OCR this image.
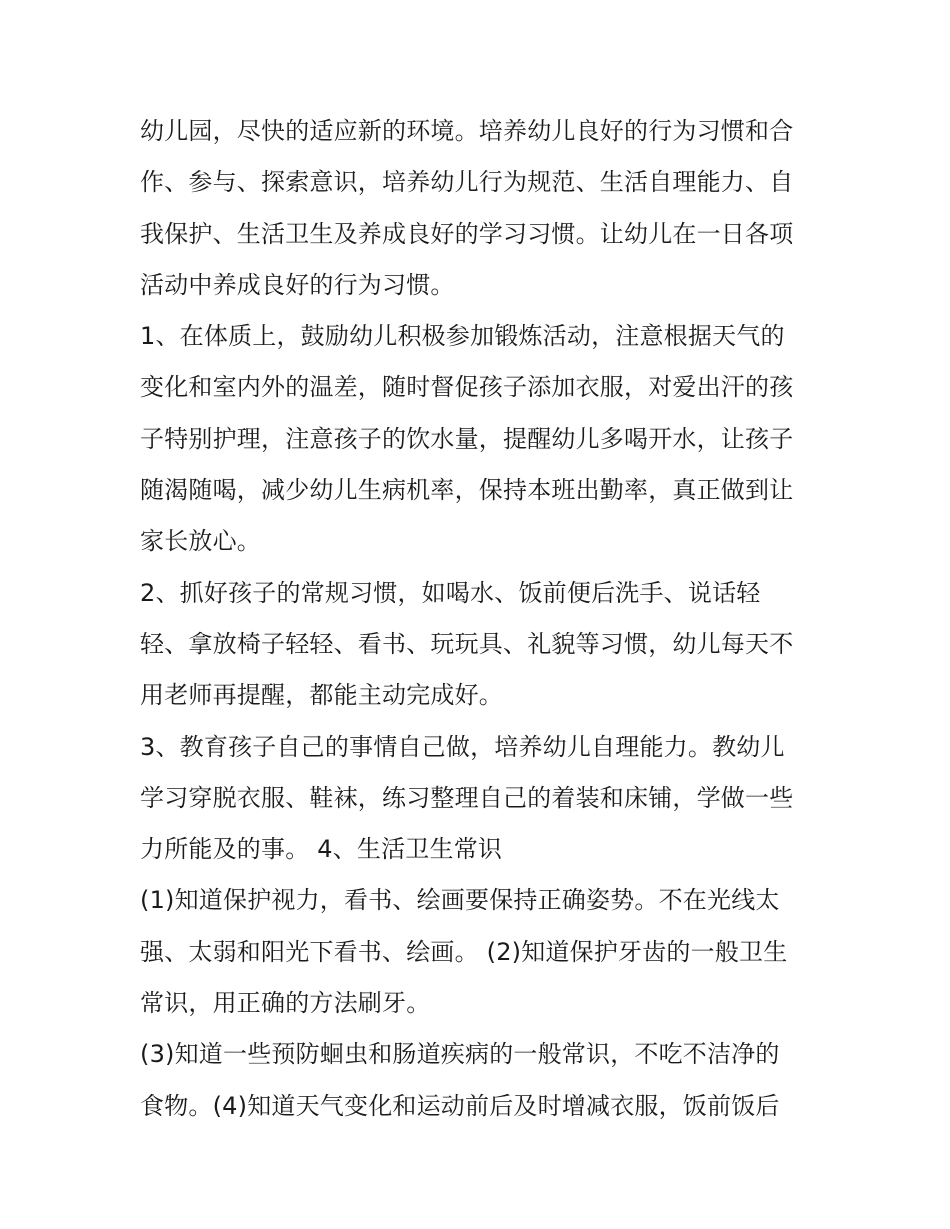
幼儿园，尽快的适应新的环境。培养幼儿良好的行为习惯和合
作、参与、探索意识，培养幼儿行为规范、生活自理能力、自
我保护、生活卫生及养成良好的学习习惯。让幼儿在一日各项
活动中养成良好的行为习惯。
1、在体质上，鼓励幼儿积极参加锻炼活动，注意根据天气的
变化和室内外的温差，随时督促孩子添加衣服，对爱出汗的孩
子特别护理，注意孩子的饮水量，提醒幼儿多喝开水，让孩子
随渴随喝，减少幼儿生病机率，保持本班出勤率，真正做到让
家长放心。
2、抓好孩子的常规习惯，如喝水、饭前便后洗手、说话轻
轻、拿放椅子轻轻、看书、玩玩具、礼貌等习惯，幼儿每天不
用老师再提醒，都能主动完成好。
3、教育孩子自己的事情自己做，培养幼儿自理能力。教幼儿
学习穿脱衣服、鞋袜，练习整理自己的着装和床铺，学做一些
力所能及的事。 4、生活卫生常识
(1)知道保护视力，看书、绘画要保持正确姿势。不在光线太
强、太弱和阳光下看书、绘画。 (2)知道保护牙齿的一般卫生
常识，用正确的方法刷牙。
(3)知道一些预防蛔虫和肠道疾病的一般常识，不吃不洁净的
食物。(4)知道天气变化和运动前后及时增减衣服，饭前饭后
